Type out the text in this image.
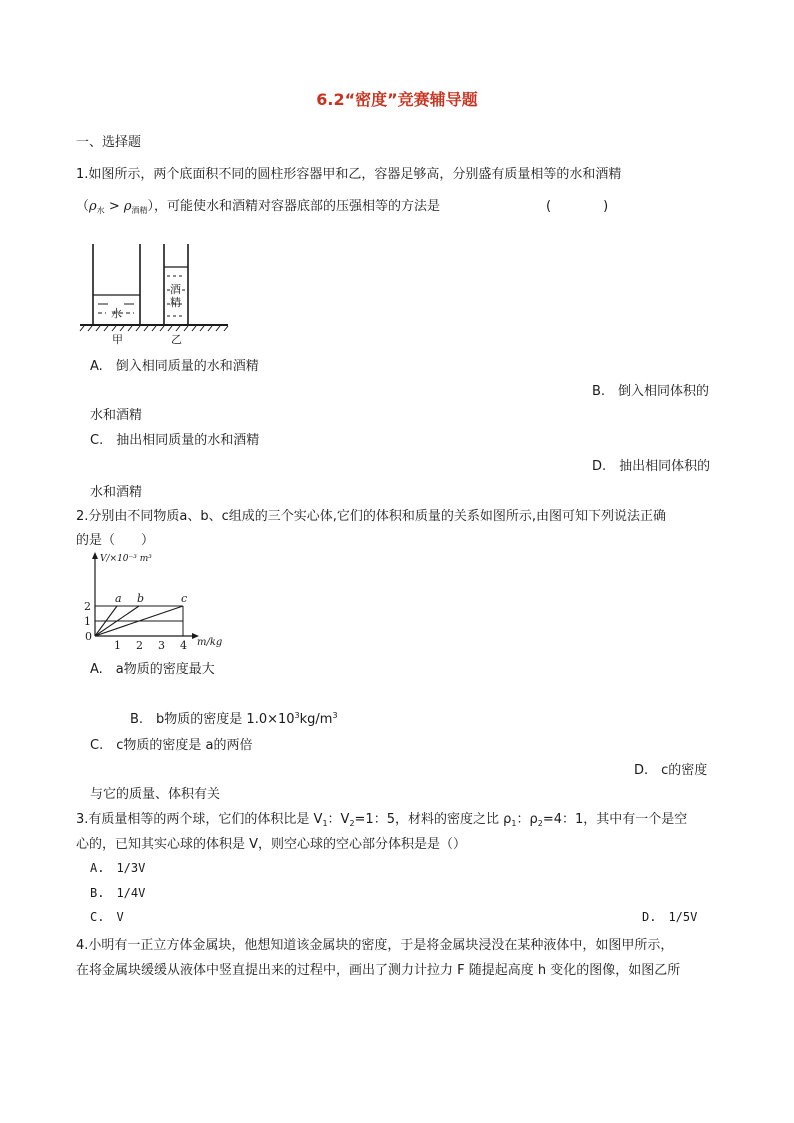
6.2“密度”竞赛辅导题
一、选择题
1.如图所示，两个底面积不同的圆柱形容器甲和乙，容器足够高，分别盛有质量相等的水和酒精
$(\rho_水 > \rho_{酒精})$，可能使水和酒精对容器底部的压强相等的方法是	(　　　　)
水
酒
精
甲	乙
A.　倒入相同质量的水和酒精
B.　倒入相同体积的
水和酒精
C.　抽出相同质量的水和酒精
D.　抽出相同体积的
水和酒精
2.分别由不同物质a、b、c组成的三个实心体,它们的体积和质量的关系如图所示,由图可知下列说法正确
的是（　　）
1
2
1 2 3 4
0	m/kg
V/×10⁻³ m³
a b	c
A.　a物质的密度最大
B.　b物质的密度是 $1.0\times 10^3kg/m^3$
C.　c物质的密度是 a的两倍
D.　c的密度
与它的质量、体积有关
3.有质量相等的两个球，它们的体积比是 $V_1$：$V_2=1$：5，材料的密度之比 $\rho_1$：$\rho_2=4$：1，其中有一个是空
心的，已知其实心球的体积是 V，则空心球的空心部分体积是是（）
A.　1/3V
B.　1/4V
C.　V	D.　1/5V
4.小明有一正立方体金属块，他想知道该金属块的密度，于是将金属块浸没在某种液体中，如图甲所示，
在将金属块缓缓从液体中竖直提出来的过程中，画出了测力计拉力 F 随提起高度 h 变化的图像，如图乙所
